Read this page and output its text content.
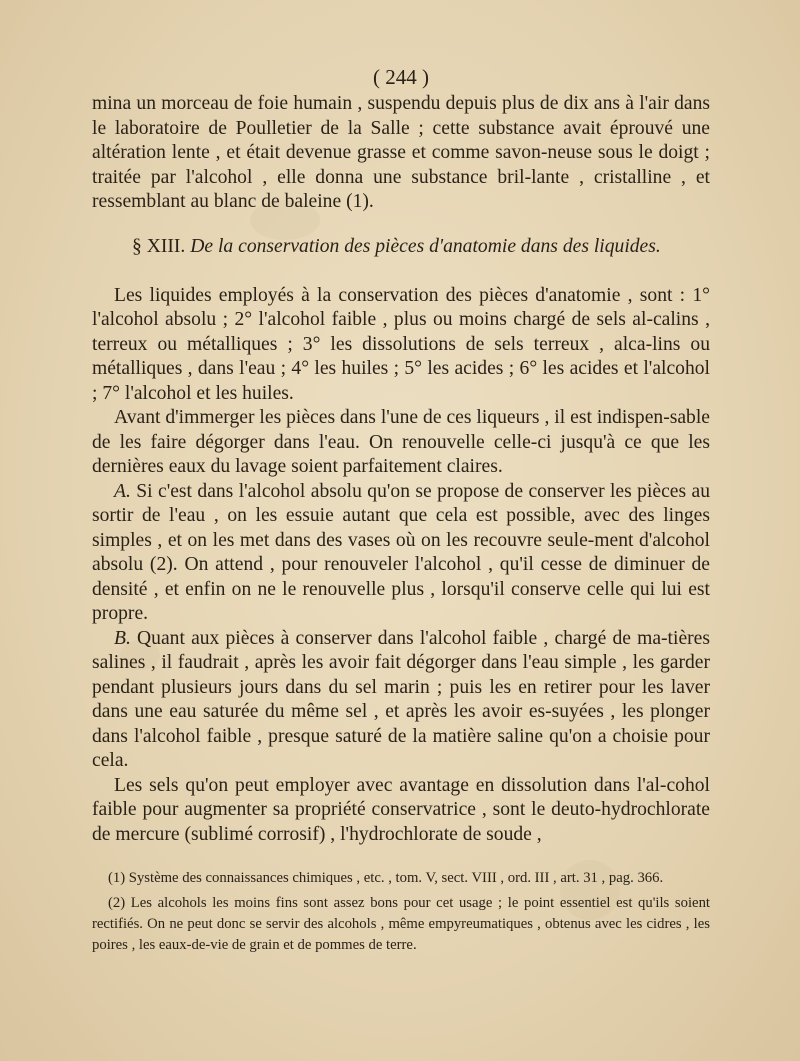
( 244 )

mina un morceau de foie humain , suspendu depuis plus de dix ans à l'air dans le laboratoire de Poulletier de la Salle ; cette substance avait éprouvé une altération lente , et était devenue grasse et comme savon-neuse sous le doigt ; traitée par l'alcohol , elle donna une substance bril-lante , cristalline , et ressemblant au blanc de baleine (1).

§ XIII. De la conservation des pièces d'anatomie dans des liquides.

Les liquides employés à la conservation des pièces d'anatomie , sont : 1° l'alcohol absolu ; 2° l'alcohol faible , plus ou moins chargé de sels al-calins , terreux ou métalliques ; 3° les dissolutions de sels terreux , alca-lins ou métalliques , dans l'eau ; 4° les huiles ; 5° les acides ; 6° les acides et l'alcohol ; 7° l'alcohol et les huiles.

Avant d'immerger les pièces dans l'une de ces liqueurs , il est indispen-sable de les faire dégorger dans l'eau. On renouvelle celle-ci jusqu'à ce que les dernières eaux du lavage soient parfaitement claires.

A. Si c'est dans l'alcohol absolu qu'on se propose de conserver les pièces au sortir de l'eau , on les essuie autant que cela est possible, avec des linges simples , et on les met dans des vases où on les recouvre seule-ment d'alcohol absolu (2). On attend , pour renouveler l'alcohol , qu'il cesse de diminuer de densité , et enfin on ne le renouvelle plus , lorsqu'il conserve celle qui lui est propre.

B. Quant aux pièces à conserver dans l'alcohol faible , chargé de ma-tières salines , il faudrait , après les avoir fait dégorger dans l'eau simple , les garder pendant plusieurs jours dans du sel marin ; puis les en retirer pour les laver dans une eau saturée du même sel , et après les avoir es-suyées , les plonger dans l'alcohol faible , presque saturé de la matière saline qu'on a choisie pour cela.

Les sels qu'on peut employer avec avantage en dissolution dans l'al-cohol faible pour augmenter sa propriété conservatrice , sont le deuto-hydrochlorate de mercure (sublimé corrosif) , l'hydrochlorate de soude ,

(1) Système des connaissances chimiques , etc. , tom. V, sect. VIII , ord. III , art. 31 , pag. 366.

(2) Les alcohols les moins fins sont assez bons pour cet usage ; le point essentiel est qu'ils soient rectifiés. On ne peut donc se servir des alcohols , même empyreumatiques , obtenus avec les cidres , les poires , les eaux-de-vie de grain et de pommes de terre.
